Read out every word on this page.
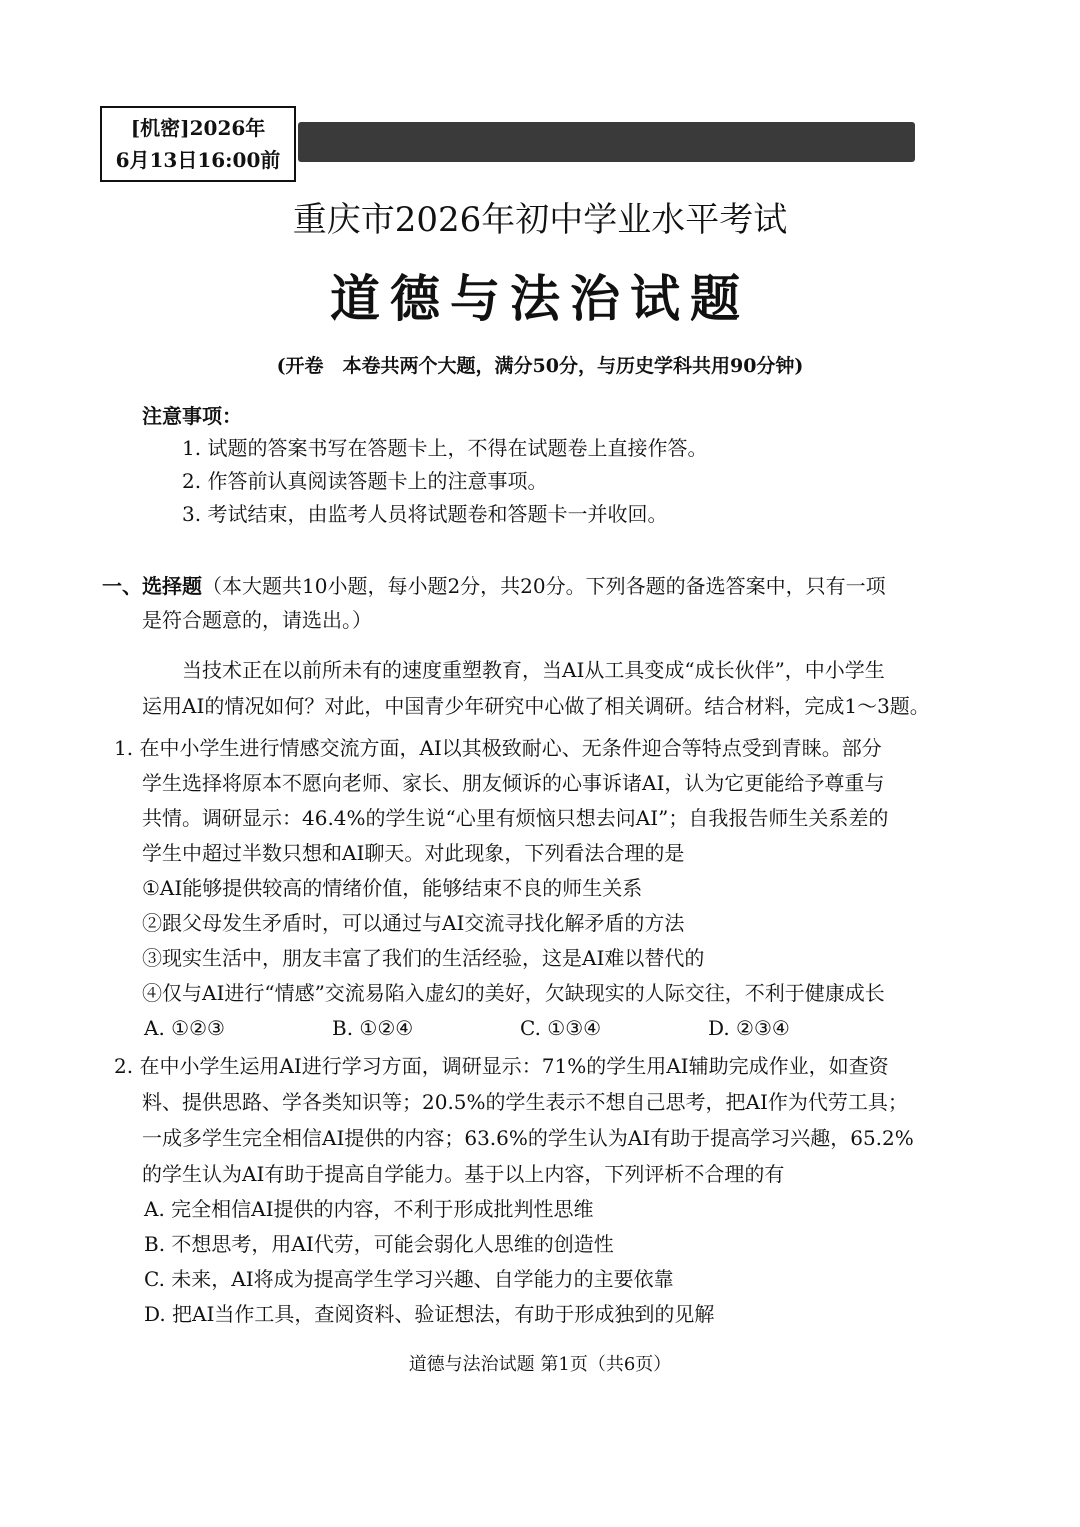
[机密]2026年
6月13日16:00前
重庆市2026年初中学业水平考试
道德与法治试题
(开卷　本卷共两个大题，满分50分，与历史学科共用90分钟)
注意事项：
1. 试题的答案书写在答题卡上，不得在试题卷上直接作答。
2. 作答前认真阅读答题卡上的注意事项。
3. 考试结束，由监考人员将试题卷和答题卡一并收回。
一、选择题（本大题共10小题，每小题2分，共20分。下列各题的备选答案中，只有一项
是符合题意的，请选出。）
当技术正在以前所未有的速度重塑教育，当AI从工具变成“成长伙伴”，中小学生
运用AI的情况如何？对此，中国青少年研究中心做了相关调研。结合材料，完成1～3题。
1. 在中小学生进行情感交流方面，AI以其极致耐心、无条件迎合等特点受到青睐。部分
学生选择将原本不愿向老师、家长、朋友倾诉的心事诉诸AI，认为它更能给予尊重与
共情。调研显示：46.4%的学生说“心里有烦恼只想去问AI”；自我报告师生关系差的
学生中超过半数只想和AI聊天。对此现象，下列看法合理的是
①AI能够提供较高的情绪价值，能够结束不良的师生关系
②跟父母发生矛盾时，可以通过与AI交流寻找化解矛盾的方法
③现实生活中，朋友丰富了我们的生活经验，这是AI难以替代的
④仅与AI进行“情感”交流易陷入虚幻的美好，欠缺现实的人际交往，不利于健康成长
A. ①②③	B. ①②④	C. ①③④	D. ②③④
2. 在中小学生运用AI进行学习方面，调研显示：71%的学生用AI辅助完成作业，如查资
料、提供思路、学各类知识等；20.5%的学生表示不想自己思考，把AI作为代劳工具；
一成多学生完全相信AI提供的内容；63.6%的学生认为AI有助于提高学习兴趣，65.2%
的学生认为AI有助于提高自学能力。基于以上内容，下列评析不合理的有
A. 完全相信AI提供的内容，不利于形成批判性思维
B. 不想思考，用AI代劳，可能会弱化人思维的创造性
C. 未来，AI将成为提高学生学习兴趣、自学能力的主要依靠
D. 把AI当作工具，查阅资料、验证想法，有助于形成独到的见解
道德与法治试题 第1页（共6页）
